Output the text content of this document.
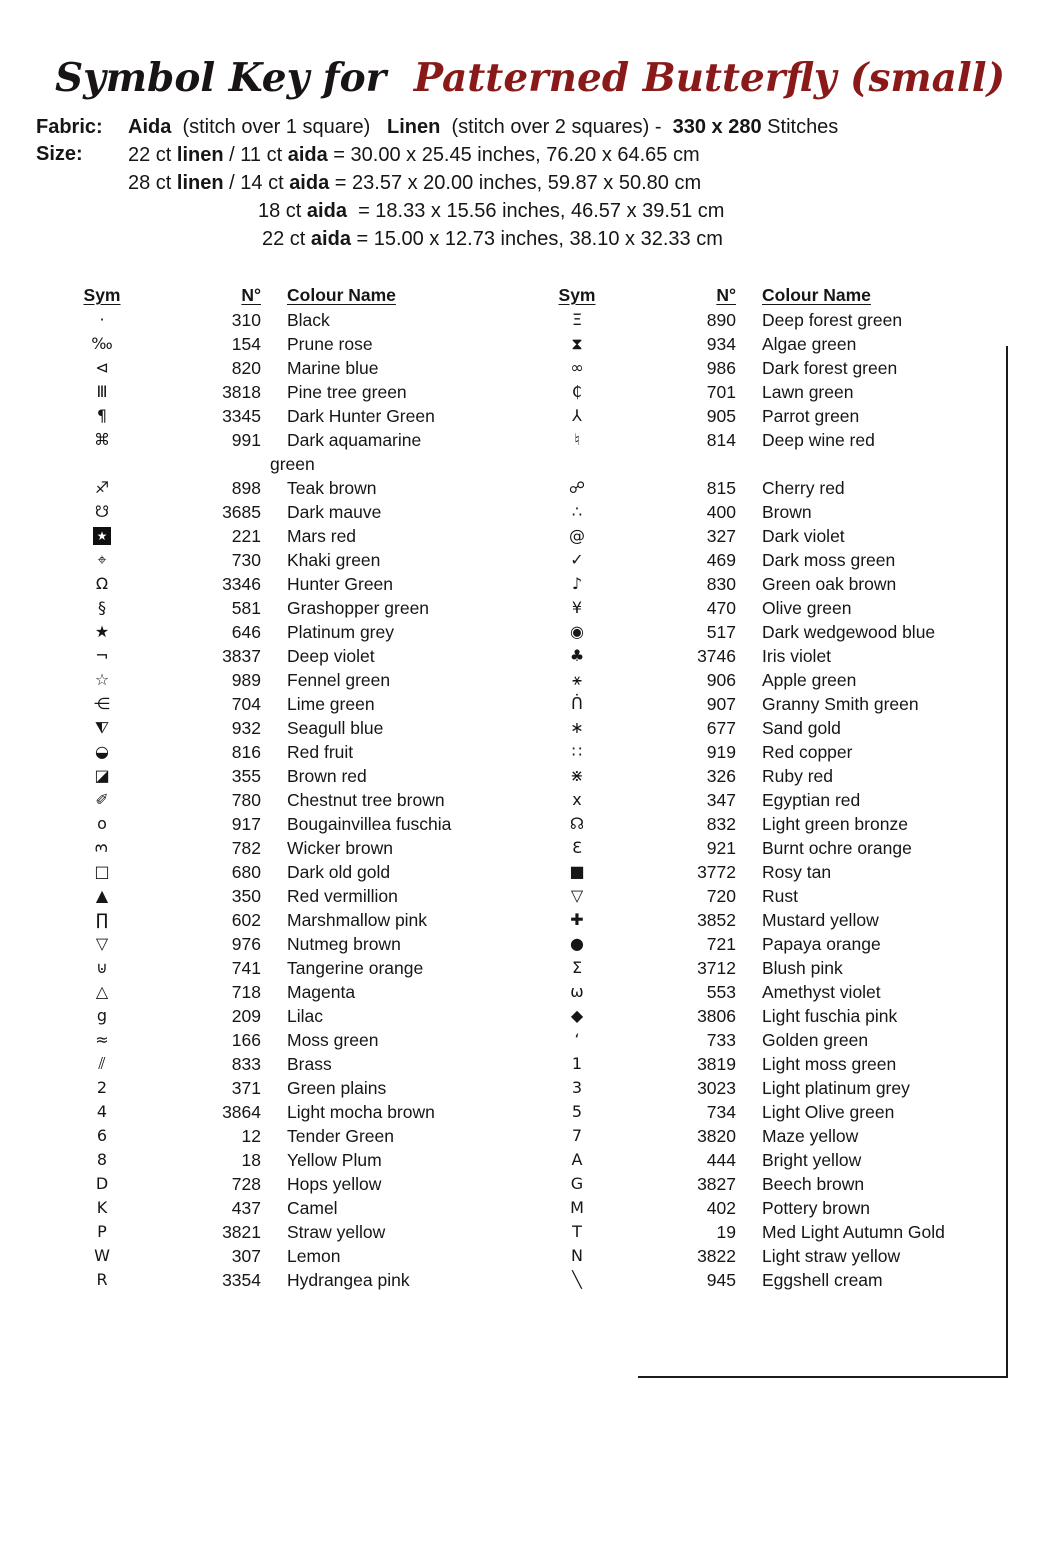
Symbol Key for Patterned Butterfly (small)
Fabric:	Aida  (stitch over 1 square)   Linen  (stitch over 2 squares) -  330 x 280 Stitches
Size:	22 ct linen / 11 ct aida = 30.00 x 25.45 inches, 76.20 x 64.65 cm
28 ct linen / 14 ct aida = 23.57 x 20.00 inches, 59.87 x 50.80 cm
18 ct aida  = 18.33 x 15.56 inches, 46.57 x 39.51 cm
22 ct aida = 15.00 x 12.73 inches, 38.10 x 32.33 cm
Sym	N°	Colour Name
·	310	Black
‰	154	Prune rose
⊲	820	Marine blue
Ⅲ	3818	Pine tree green
¶	3345	Dark Hunter Green
⌘	991	Dark aquamarine
green
♐	898	Teak brown
☋	3685	Dark mauve
★	221	Mars red
⌖	730	Khaki green
Ω	3346	Hunter Green
§	581	Grashopper green
★	646	Platinum grey
¬	3837	Deep violet
☆	989	Fennel green
⋲	704	Lime green
⧨	932	Seagull blue
◒	816	Red fruit
◪	355	Brown red
✐	780	Chestnut tree brown
o	917	Bougainvillea fuschia
3	782	Wicker brown
□	680	Dark old gold
▲	350	Red vermillion
∏	602	Marshmallow pink
▽	976	Nutmeg brown
⊍	741	Tangerine orange
△	718	Magenta
g	209	Lilac
≈	166	Moss green
⫽	833	Brass
2	371	Green plains
4	3864	Light mocha brown
6	12	Tender Green
8	18	Yellow Plum
D	728	Hops yellow
K	437	Camel
P	3821	Straw yellow
W	307	Lemon
R	3354	Hydrangea pink
Sym	N°	Colour Name
Ξ	890	Deep forest green
⧗	934	Algae green
∞	986	Dark forest green
₵	701	Lawn green
⅄	905	Parrot green
♮	814	Deep wine red
☍	815	Cherry red
∴	400	Brown
@	327	Dark violet
✓	469	Dark moss green
♪	830	Green oak brown
¥	470	Olive green
◉	517	Dark wedgewood blue
♣	3746	Iris violet
⚹	906	Apple green
ᑏ	907	Granny Smith green
∗	677	Sand gold
∷	919	Red copper
⋇	326	Ruby red
x	347	Egyptian red
☊	832	Light green bronze
Ɛ	921	Burnt ochre orange
■	3772	Rosy tan
▽	720	Rust
✚	3852	Mustard yellow
●	721	Papaya orange
Σ	3712	Blush pink
ω	553	Amethyst violet
◆	3806	Light fuschia pink
‘	733	Golden green
1	3819	Light moss green
3	3023	Light platinum grey
5	734	Light Olive green
7	3820	Maze yellow
A	444	Bright yellow
G	3827	Beech brown
M	402	Pottery brown
T	19	Med Light Autumn Gold
N	3822	Light straw yellow
╲	945	Eggshell cream
